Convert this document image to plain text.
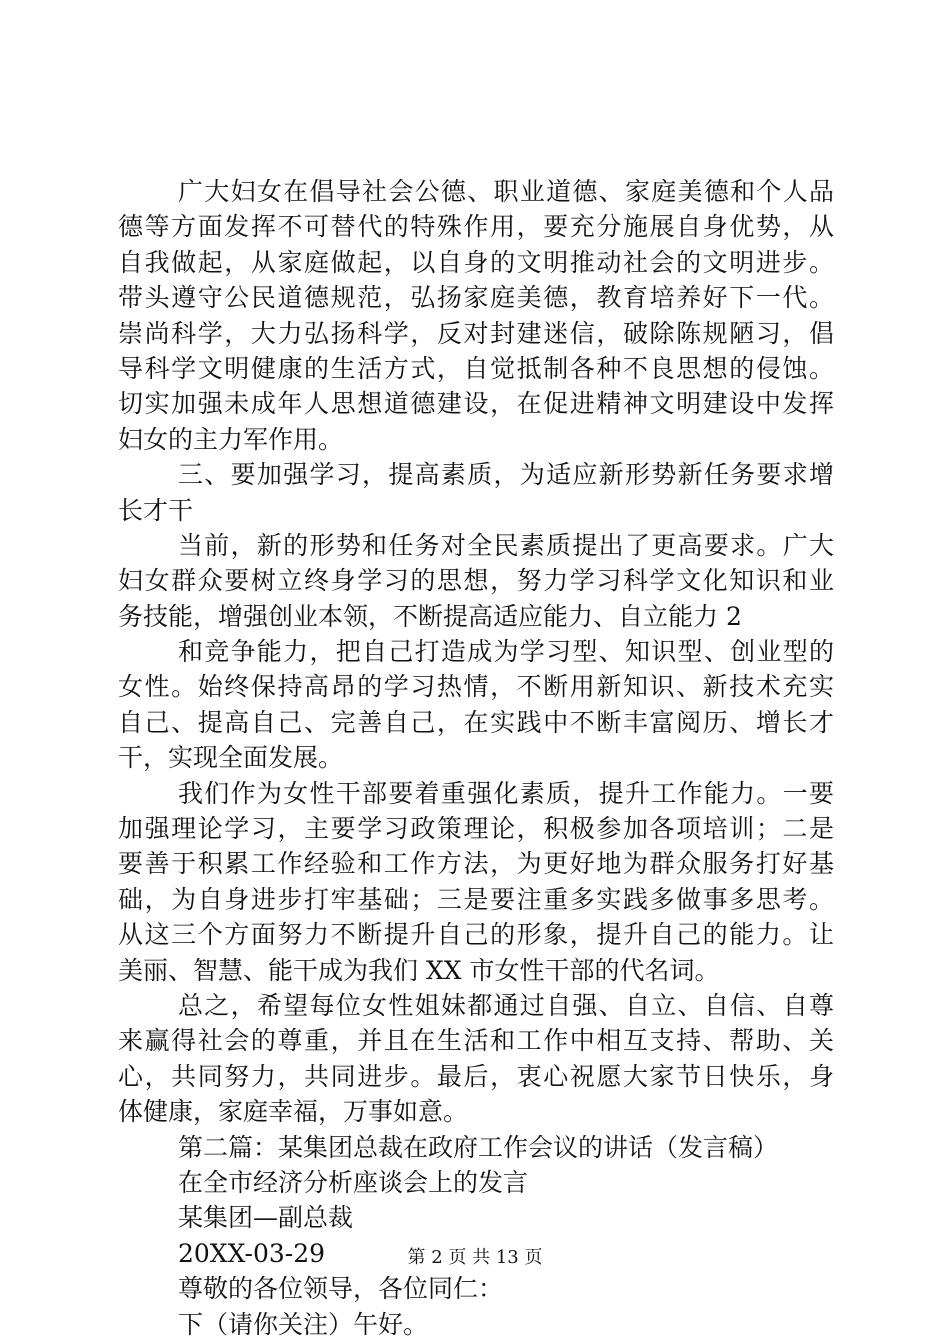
广大妇女在倡导社会公德、职业道德、家庭美德和个人品
德等方面发挥不可替代的特殊作用，要充分施展自身优势，从
自我做起，从家庭做起，以自身的文明推动社会的文明进步。
带头遵守公民道德规范，弘扬家庭美德，教育培养好下一代。
崇尚科学，大力弘扬科学，反对封建迷信，破除陈规陋习，倡
导科学文明健康的生活方式，自觉抵制各种不良思想的侵蚀。
切实加强未成年人思想道德建设，在促进精神文明建设中发挥
妇女的主力军作用。
三、要加强学习，提高素质，为适应新形势新任务要求增
长才干
当前，新的形势和任务对全民素质提出了更高要求。广大
妇女群众要树立终身学习的思想，努力学习科学文化知识和业
务技能，增强创业本领，不断提高适应能力、自立能力 2
和竞争能力，把自己打造成为学习型、知识型、创业型的
女性。始终保持高昂的学习热情，不断用新知识、新技术充实
自己、提高自己、完善自己，在实践中不断丰富阅历、增长才
干，实现全面发展。
我们作为女性干部要着重强化素质，提升工作能力。一要
加强理论学习，主要学习政策理论，积极参加各项培训；二是
要善于积累工作经验和工作方法，为更好地为群众服务打好基
础，为自身进步打牢基础；三是要注重多实践多做事多思考。
从这三个方面努力不断提升自己的形象，提升自己的能力。让
美丽、智慧、能干成为我们 XX 市女性干部的代名词。
总之，希望每位女性姐妹都通过自强、自立、自信、自尊
来赢得社会的尊重，并且在生活和工作中相互支持、帮助、关
心，共同努力，共同进步。最后，衷心祝愿大家节日快乐，身
体健康，家庭幸福，万事如意。
第二篇：某集团总裁在政府工作会议的讲话（发言稿）
在全市经济分析座谈会上的发言
某集团—副总裁
20XX-03-29
尊敬的各位领导，各位同仁：
下（请你关注）午好。
第 2 页 共 13 页
